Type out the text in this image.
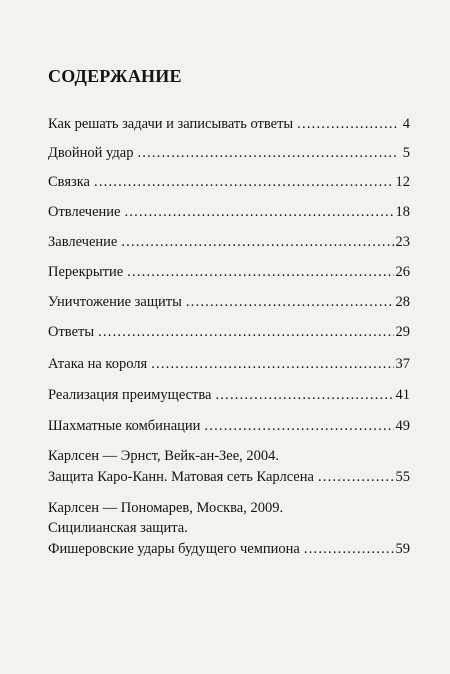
СОДЕРЖАНИЕ
Как решать задачи и записывать ответы .....	4
Двойной удар .....	5
Связка .....	12
Отвлечение .....	18
Завлечение .....	23
Перекрытие .....	26
Уничтожение защиты .....	28
Ответы .....	29
Атака на короля .....	37
Реализация преимущества .....	41
Шахматные комбинации .....	49
Карлсен — Эрнст, Вейк-ан-Зее, 2004.
Защита Каро-Канн. Матовая сеть Карлсена .....	55
Карлсен — Пономарев, Москва, 2009.
Сицилианская защита.
Фишеровские удары будущего чемпиона .....	59
